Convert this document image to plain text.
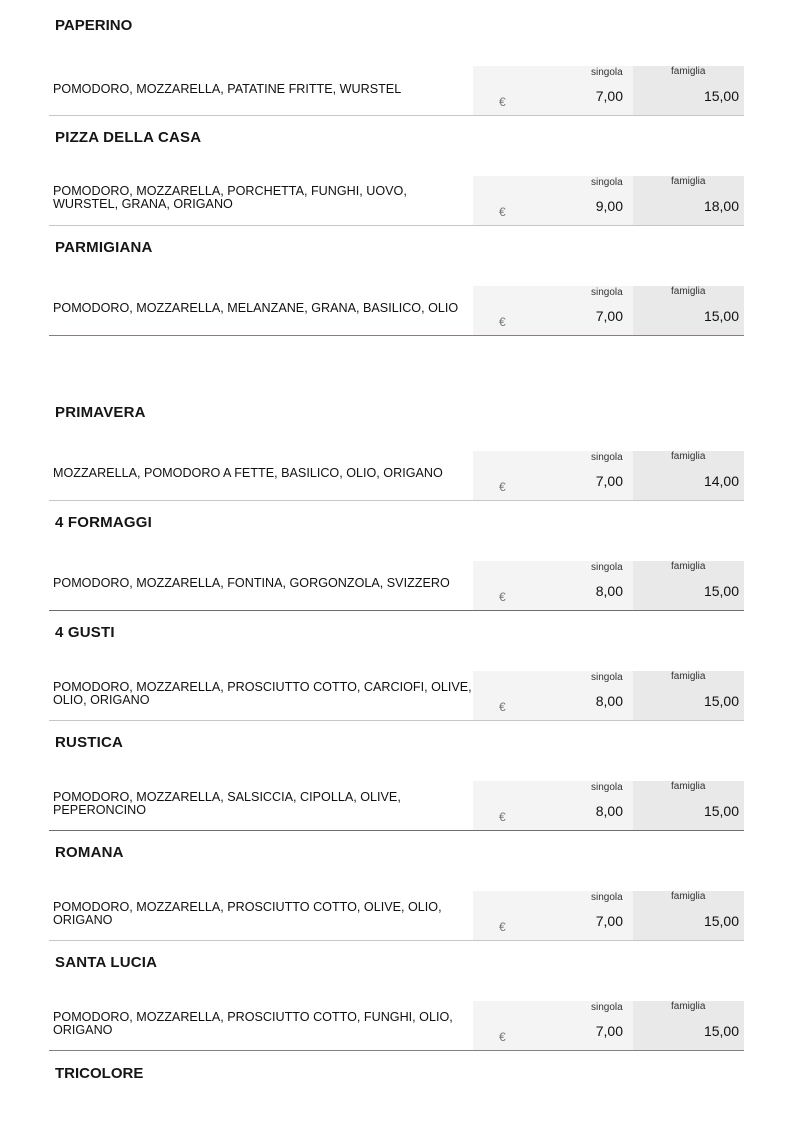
PAPERINO
POMODORO, MOZZARELLA, PATATINE FRITTE, WURSTEL
singola
€	7,00
famiglia
15,00
PIZZA DELLA CASA
POMODORO, MOZZARELLA, PORCHETTA, FUNGHI, UOVO, WURSTEL, GRANA, ORIGANO
singola
€	9,00
famiglia
18,00
PARMIGIANA
POMODORO, MOZZARELLA, MELANZANE, GRANA, BASILICO, OLIO
singola
€	7,00
famiglia
15,00
PRIMAVERA
MOZZARELLA, POMODORO A FETTE, BASILICO, OLIO, ORIGANO
singola
€	7,00
famiglia
14,00
4 FORMAGGI
POMODORO, MOZZARELLA, FONTINA, GORGONZOLA, SVIZZERO
singola
€	8,00
famiglia
15,00
4 GUSTI
POMODORO, MOZZARELLA, PROSCIUTTO COTTO, CARCIOFI, OLIVE, OLIO, ORIGANO
singola
€	8,00
famiglia
15,00
RUSTICA
POMODORO, MOZZARELLA, SALSICCIA, CIPOLLA, OLIVE, PEPERONCINO
singola
€	8,00
famiglia
15,00
ROMANA
POMODORO, MOZZARELLA, PROSCIUTTO COTTO, OLIVE, OLIO, ORIGANO
singola
€	7,00
famiglia
15,00
SANTA LUCIA
POMODORO, MOZZARELLA, PROSCIUTTO COTTO, FUNGHI, OLIO, ORIGANO
singola
€	7,00
famiglia
15,00
TRICOLORE
